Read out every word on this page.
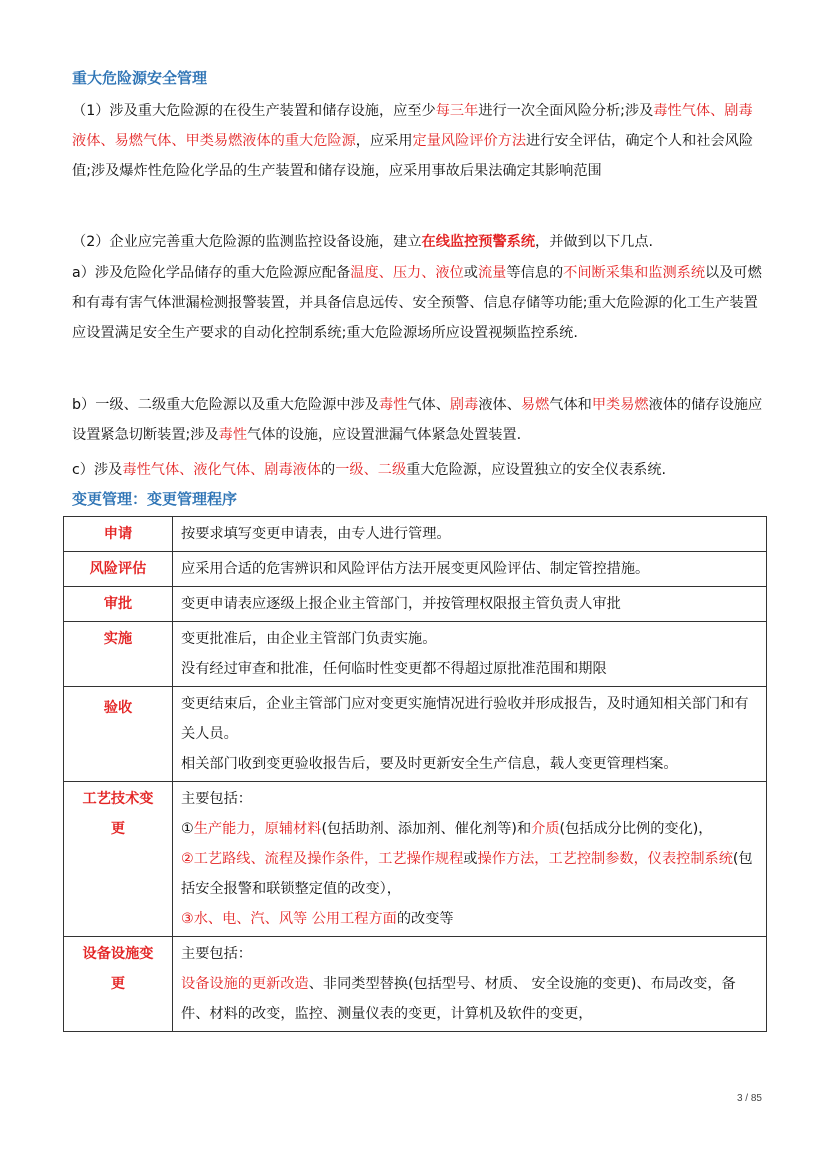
重大危险源安全管理
（1）涉及重大危险源的在役生产装置和储存设施，应至少每三年进行一次全面风险分析;涉及毒性气体、剧毒液体、易燃气体、甲类易燃液体的重大危险源，应采用定量风险评价方法进行安全评估，确定个人和社会风险值;涉及爆炸性危险化学品的生产装置和储存设施，应采用事故后果法确定其影响范围
（2）企业应完善重大危险源的监测监控设备设施，建立在线监控预警系统，并做到以下几点.
a）涉及危险化学品储存的重大危险源应配备温度、压力、液位或流量等信息的不间断采集和监测系统以及可燃和有毒有害气体泄漏检测报警装置，并具备信息远传、安全预警、信息存储等功能;重大危险源的化工生产装置应设置满足安全生产要求的自动化控制系统;重大危险源场所应设置视频监控系统.
b）一级、二级重大危险源以及重大危险源中涉及毒性气体、剧毒液体、易燃气体和甲类易燃液体的储存设施应设置紧急切断装置;涉及毒性气体的设施，应设置泄漏气体紧急处置装置.
c）涉及毒性气体、液化气体、剧毒液体的一级、二级重大危险源，应设置独立的安全仪表系统.
变更管理：变更管理程序
申请	按要求填写变更申请表，由专人进行管理。
风险评估	应采用合适的危害辨识和风险评估方法开展变更风险评估、制定管控措施。
审批	变更申请表应逐级上报企业主管部门，并按管理权限报主管负责人审批
实施	变更批准后，由企业主管部门负责实施。
没有经过审查和批准，任何临时性变更都不得超过原批准范围和期限

验收	变更结束后，企业主管部门应对变更实施情况进行验收并形成报告，及时通知相关部门和有关人员。
相关部门收到变更验收报告后，要及时更新安全生产信息，载人变更管理档案。

工艺技术变更	主要包括：
①生产能力，原辅材料(包括助剂、添加剂、催化剂等)和介质(包括成分比例的变化)，
②工艺路线、流程及操作条件，工艺操作规程或操作方法，工艺控制参数，仪表控制系统(包括安全报警和联锁整定值的改变），
③水、电、汽、风等 公用工程方面的改变等

设备设施变更	主要包括：
设备设施的更新改造、非同类型替换(包括型号、材质、 安全设施的变更)、布局改变，备件、材料的改变，监控、测量仪表的变更，计算机及软件的变更，
3 / 85
